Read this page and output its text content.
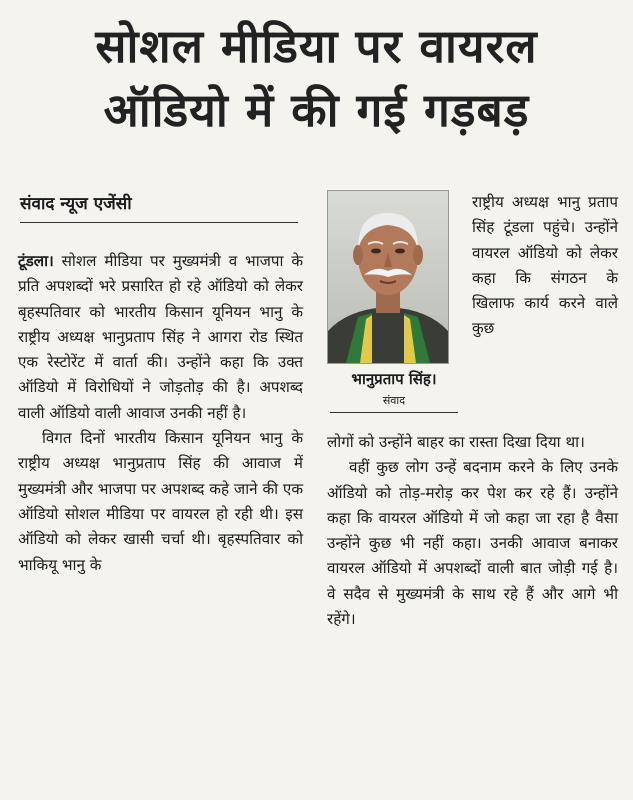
सोशल मीडिया पर वायरल
ऑडियो में की गई गड़बड़
संवाद न्यूज एजेंसी

टूंडला। सोशल मीडिया पर मुख्यमंत्री व भाजपा के प्रति अपशब्दों भरे प्रसारित हो रहे ऑडियो को लेकर बृहस्पतिवार को भारतीय किसान यूनियन भानु के राष्ट्रीय अध्यक्ष भानुप्रताप सिंह ने आगरा रोड स्थित एक रेस्टोरेंट में वार्ता की। उन्होंने कहा कि उक्त ऑडियो में विरोधियों ने जोड़तोड़ की है। अपशब्द वाली ऑडियो वाली आवाज उनकी नहीं है।

विगत दिनों भारतीय किसान यूनियन भानु के राष्ट्रीय अध्यक्ष भानुप्रताप सिंह की आवाज में मुख्यमंत्री और भाजपा पर अपशब्द कहे जाने की एक ऑडियो सोशल मीडिया पर वायरल हो रही थी। इस ऑडियो को लेकर खासी चर्चा थी। बृहस्पतिवार को भाकियू भानु के

भानुप्रताप सिंह।
संवाद

राष्ट्रीय अध्यक्ष भानु प्रताप सिंह टूंडला पहुंचे। उन्होंने वायरल ऑडियो को लेकर कहा कि संगठन के खिलाफ कार्य करने वाले कुछ

लोगों को उन्होंने बाहर का रास्ता दिखा दिया था।

वहीं कुछ लोग उन्हें बदनाम करने के लिए उनके ऑडियो को तोड़-मरोड़ कर पेश कर रहे हैं। उन्होंने कहा कि वायरल ऑडियो में जो कहा जा रहा है वैसा उन्होंने कुछ भी नहीं कहा। उनकी आवाज बनाकर वायरल ऑडियो में अपशब्दों वाली बात जोड़ी गई है। वे सदैव से मुख्यमंत्री के साथ रहे हैं और आगे भी रहेंगे।
